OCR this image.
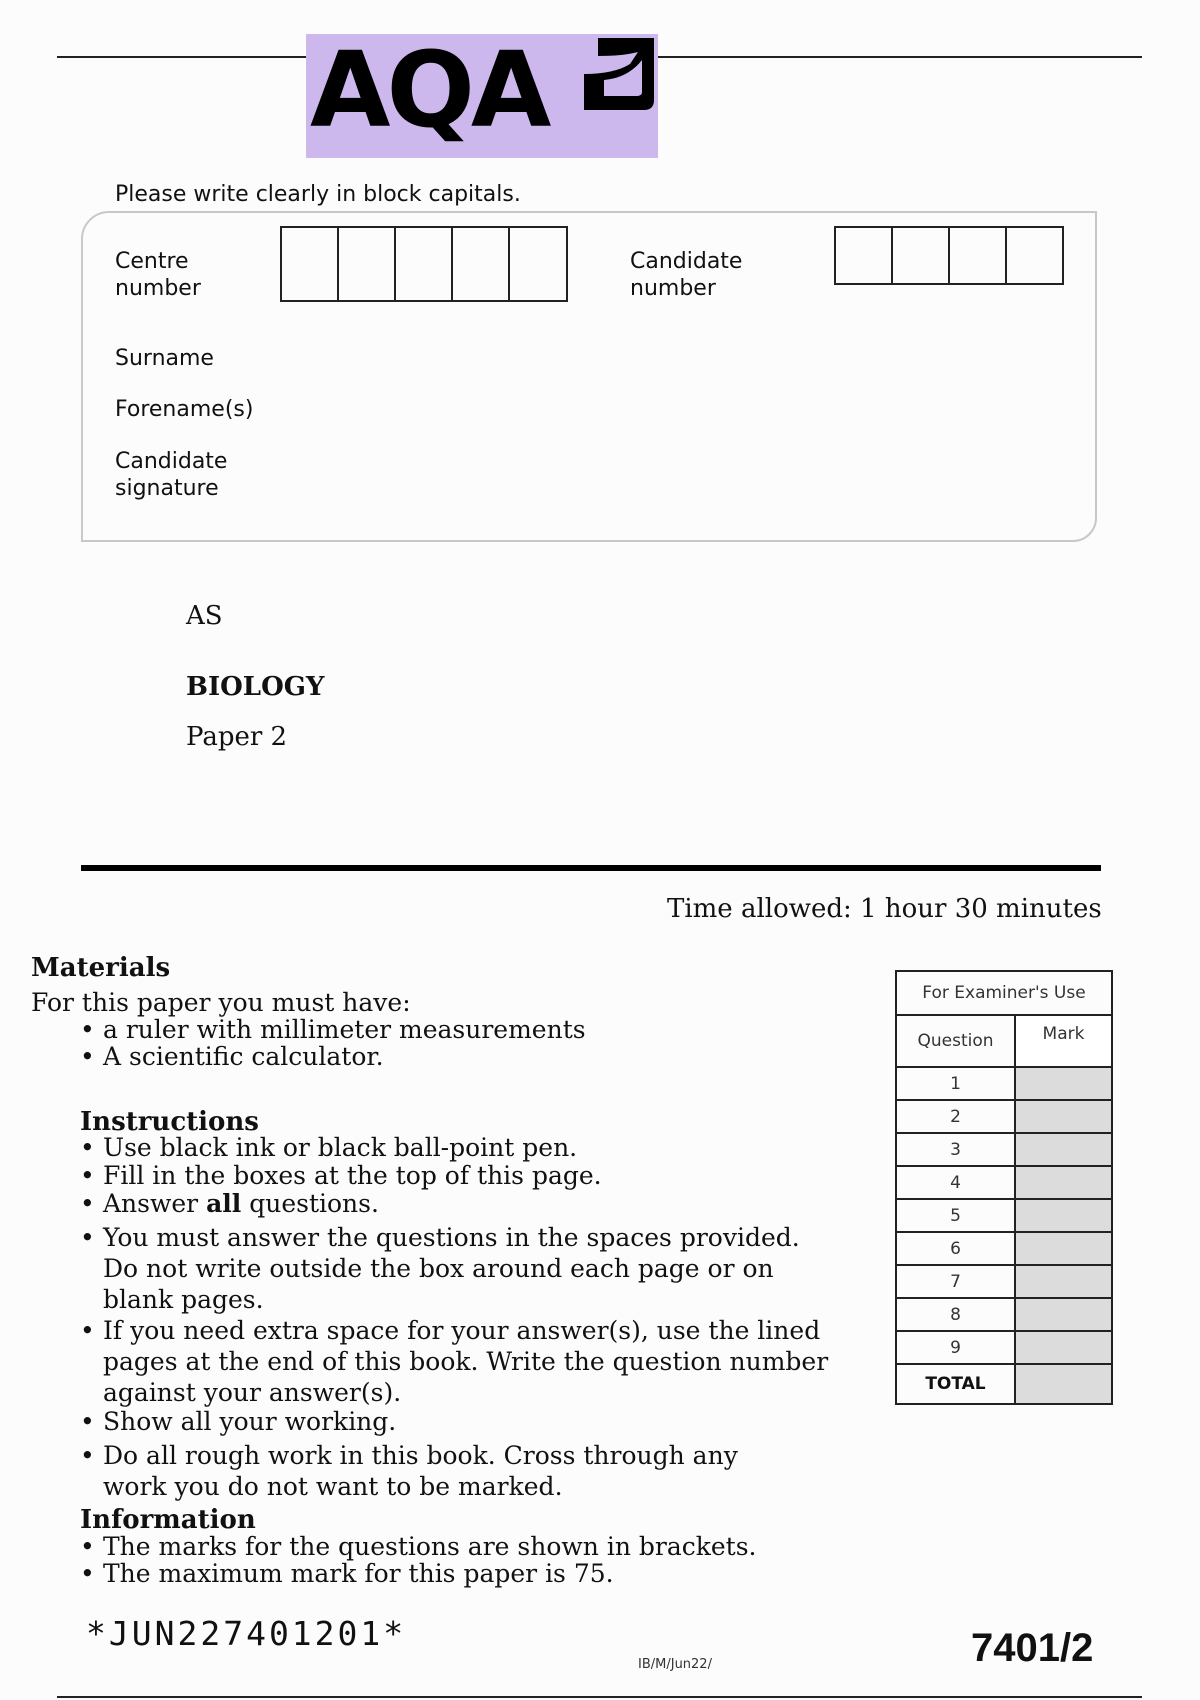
AQA
Please write clearly in block capitals.
Centre
number
Candidate
number
Surname
Forename(s)
Candidate
signature
AS
BIOLOGY
Paper 2
Time allowed: 1 hour 30 minutes
Materials
For this paper you must have:
• a ruler with millimeter measurements
• A scientific calculator.
Instructions
• Use black ink or black ball-point pen.
• Fill in the boxes at the top of this page.
• Answer all questions.
• You must answer the questions in the spaces provided. Do not write outside the box around each page or on blank pages.
• If you need extra space for your answer(s), use the lined pages at the end of this book. Write the question number against your answer(s).
• Show all your working.
• Do all rough work in this book. Cross through any work you do not want to be marked.
Information
• The marks for the questions are shown in brackets.
• The maximum mark for this paper is 75.
For Examiner's Use	
Question	Mark
1	
2	
3	
4	
5	
6	
7	
8	
9	
TOTAL	
*JUN227401201*
IB/M/Jun22/	7401/2
